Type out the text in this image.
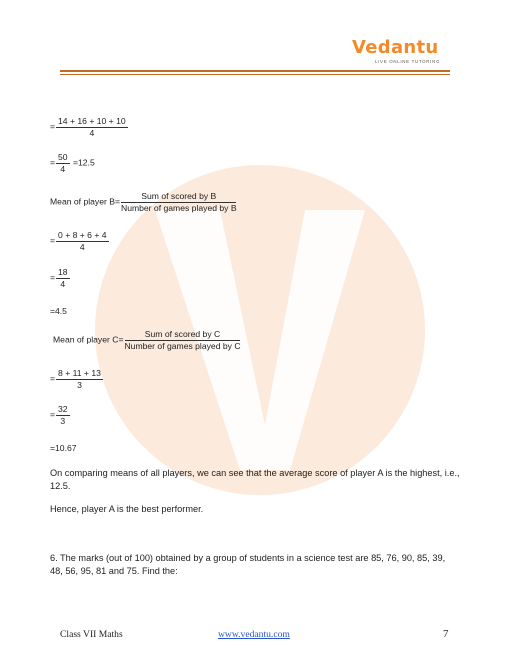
Vedantu
LIVE ONLINE TUTORING
= $\frac{14 + 16 + 10 + 10}{4}$
= $\frac{50}{4} =12.5$
Mean of player $B= \frac{\text{Sum of scored by B}}{\text{Number of games played by B}}$
= $\frac{0 + 8 + 6 + 4}{4}$
= $\frac{18}{4}$
=4.5
Mean of player $C= \frac{\text{Sum of scored by C}}{\text{Number of games played by C}}$
= $\frac{8 + 11 + 13}{3}$
= $\frac{32}{3}$
=10.67
On comparing means of all players, we can see that the average score of player A is the highest, i.e., 12.5.
Hence, player A is the best performer.
6. The marks (out of 100) obtained by a group of students in a science test are 85, 76, 90, 85, 39, 48, 56, 95, 81 and 75. Find the:
Class VII Maths	www.vedantu.com	7
